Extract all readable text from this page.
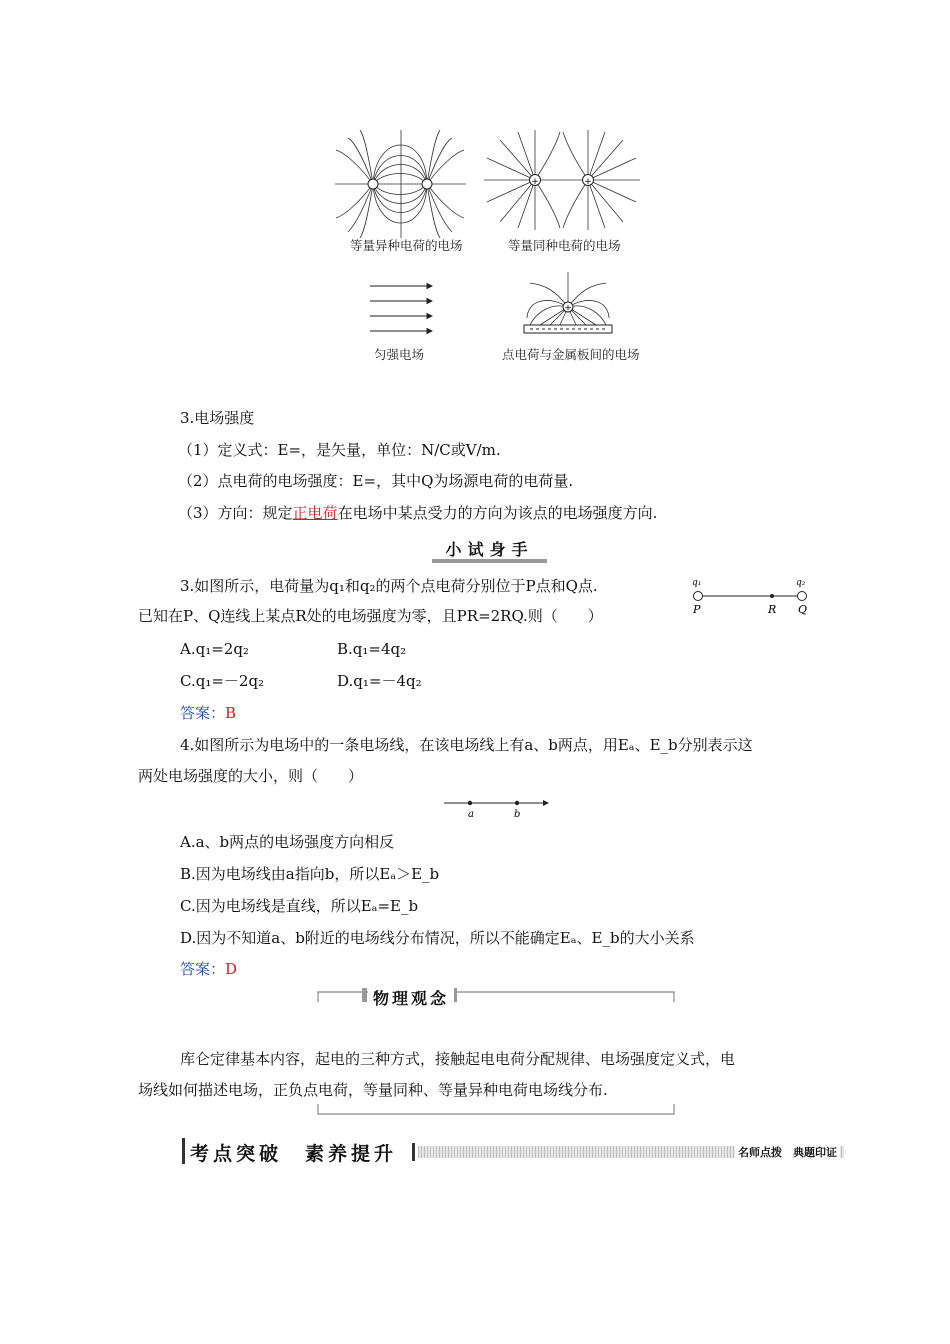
+	+
+
等量异种电荷的电场	等量同种电荷的电场
匀强电场	点电荷与金属板间的电场
3.电场强度
（1）定义式：E=，是矢量，单位：N/C或V/m.
（2）点电荷的电场强度：E=，其中Q为场源电荷的电荷量.
（3）方向：规定正电荷在电场中某点受力的方向为该点的电场强度方向.
小试身手
3.如图所示，电荷量为q₁和q₂的两个点电荷分别位于P点和Q点.
已知在P、Q连线上某点R处的电场强度为零，且PR=2RQ.则（　　）
q₁	q₂
P	R Q
A.q₁=2q₂	B.q₁=4q₂
C.q₁=－2q₂	D.q₁=－4q₂
答案：B
4.如图所示为电场中的一条电场线，在该电场线上有a、b两点，用Eₐ、E_b分别表示这
两处电场强度的大小，则（　　）
a	b
A.a、b两点的电场强度方向相反
B.因为电场线由a指向b，所以Eₐ＞E_b
C.因为电场线是直线，所以Eₐ=E_b
D.因为不知道a、b附近的电场线分布情况，所以不能确定Eₐ、E_b的大小关系
答案：D
物理观念
库仑定律基本内容，起电的三种方式，接触起电电荷分配规律、电场强度定义式，电
场线如何描述电场，正负点电荷，等量同种、等量异种电荷电场线分布.
考点突破　素养提升	名师点拨　典题印证
